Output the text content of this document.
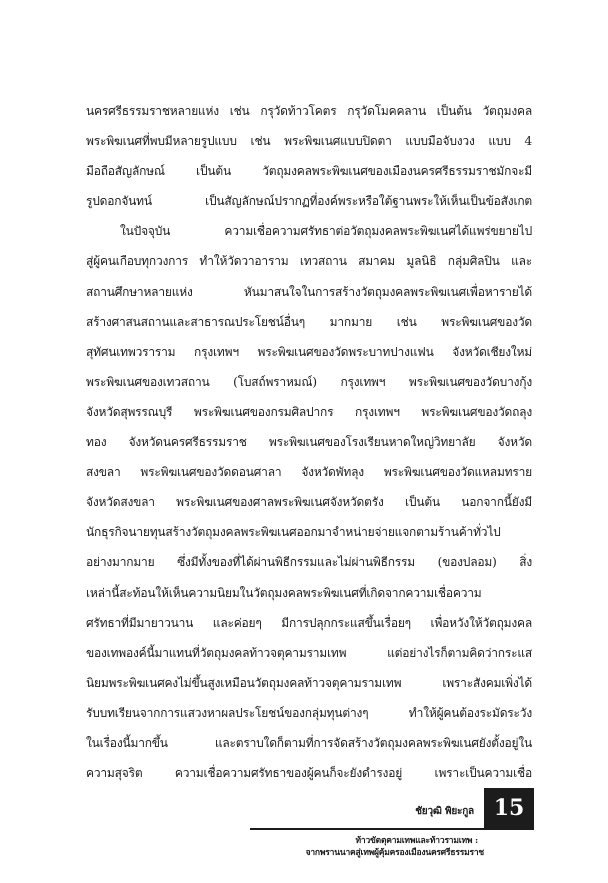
นครศรีธรรมราชหลายแห่ง เช่น กรุวัดท้าวโคตร กรุวัดโมคคลาน เป็นต้น วัตถุมงคล
พระพิฆเนศที่พบมีหลายรูปแบบ เช่น พระพิฆเนศแบบปิดตา แบบมือจับงวง แบบ 4
มือถือสัญลักษณ์ เป็นต้น วัตถุมงคลพระพิฆเนศของเมืองนครศรีธรรมราชมักจะมี
รูปดอกจันทน์ เป็นสัญลักษณ์ปรากฏที่องค์พระหรือใต้ฐานพระให้เห็นเป็นข้อสังเกต
ในปัจจุบัน ความเชื่อความศรัทธาต่อวัตถุมงคลพระพิฆเนศได้แพร่ขยายไป
สู่ผู้คนเกือบทุกวงการ ทำให้วัดวาอาราม เทวสถาน สมาคม มูลนิธิ กลุ่มศิลปิน และ
สถานศึกษาหลายแห่ง หันมาสนใจในการสร้างวัตถุมงคลพระพิฆเนศเพื่อหารายได้
สร้างศาสนสถานและสาธารณประโยชน์อื่นๆ มากมาย เช่น พระพิฆเนศของวัด
สุทัศนเทพวราราม กรุงเทพฯ พระพิฆเนศของวัดพระบาทปางแฟน จังหวัดเชียงใหม่
พระพิฆเนศของเทวสถาน (โบสถ์พราหมณ์) กรุงเทพฯ พระพิฆเนศของวัดบางกุ้ง
จังหวัดสุพรรณบุรี พระพิฆเนศของกรมศิลปากร กรุงเทพฯ พระพิฆเนศของวัดถลุง
ทอง จังหวัดนครศรีธรรมราช พระพิฆเนศของโรงเรียนหาดใหญ่วิทยาลัย จังหวัด
สงขลา พระพิฆเนศของวัดดอนศาลา จังหวัดพัทลุง พระพิฆเนศของวัดแหลมทราย
จังหวัดสงขลา พระพิฆเนศของศาลพระพิฆเนศจังหวัดตรัง เป็นต้น นอกจากนี้ยังมี
นักธุรกิจนายทุนสร้างวัตถุมงคลพระพิฆเนศออกมาจำหน่ายจ่ายแจกตามร้านค้าทั่วไป
อย่างมากมาย ซึ่งมีทั้งของที่ได้ผ่านพิธีกรรมและไม่ผ่านพิธีกรรม (ของปลอม) สิ่ง
เหล่านี้สะท้อนให้เห็นความนิยมในวัตถุมงคลพระพิฆเนศที่เกิดจากความเชื่อความ
ศรัทธาที่มีมายาวนาน และค่อยๆ มีการปลุกกระแสขึ้นเรื่อยๆ เพื่อหวังให้วัตถุมงคล
ของเทพองค์นี้มาแทนที่วัตถุมงคลท้าวจตุคามรามเทพ แต่อย่างไรก็ตามคิดว่ากระแส
นิยมพระพิฆเนศคงไม่ขึ้นสูงเหมือนวัตถุมงคลท้าวจตุคามรามเทพ เพราะสังคมเพิ่งได้
รับบทเรียนจากการแสวงหาผลประโยชน์ของกลุ่มทุนต่างๆ ทำให้ผู้คนต้องระมัดระวัง
ในเรื่องนี้มากขึ้น และตราบใดก็ตามที่การจัดสร้างวัตถุมงคลพระพิฆเนศยังตั้งอยู่ใน
ความสุจริต ความเชื่อความศรัทธาของผู้คนก็จะยังดำรงอยู่ เพราะเป็นความเชื่อ
ชัยวุฒิ พิยะกูล 15
ท้าวขัตตุคามเทพและท้าวรามเทพ :
จากพรานนาคสู่เทพผู้คุ้มครองเมืองนครศรีธรรมราช
